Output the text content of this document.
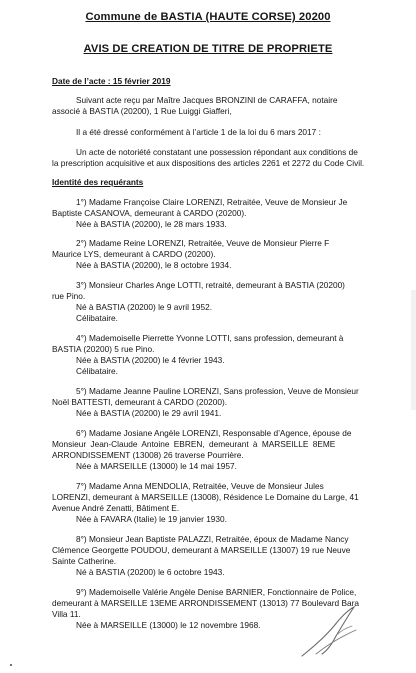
Commune de BASTIA (HAUTE CORSE) 20200
AVIS DE CREATION DE TITRE DE PROPRIETE
Date de l’acte : 15 février 2019
Suivant acte reçu par Maître Jacques BRONZINI de CARAFFA, notaire
associé à BASTIA (20200), 1 Rue Luiggi Giafferi,
Il a été dressé conformément à l’article 1 de la loi du 6 mars 2017 :
Un acte de notoriété constatant une possession répondant aux conditions de
la prescription acquisitive et aux dispositions des articles 2261 et 2272 du Code Civil.
Identité des requérants
1°) Madame Françoise Claire LORENZI, Retraitée, Veuve de Monsieur Je
Baptiste CASANOVA, demeurant à CARDO (20200).
Née à BASTIA (20200), le 28 mars 1933.
2°) Madame Reine LORENZI, Retraitée, Veuve de Monsieur Pierre F
Maurice LYS, demeurant à CARDO (20200).
Née à BASTIA (20200), le 8 octobre 1934.
3°) Monsieur Charles Ange LOTTI, retraité, demeurant à BASTIA (20200)
rue Pino.
Né à BASTIA (20200) le 9 avril 1952.
Célibataire.
4°) Mademoiselle Pierrette Yvonne LOTTI, sans profession, demeurant à
BASTIA (20200) 5 rue Pino.
Née à BASTIA (20200) le 4 février 1943.
Célibataire.
5°) Madame Jeanne Pauline LORENZI, Sans profession, Veuve de Monsieur
Noël BATTESTI, demeurant à CARDO (20200).
Née à BASTIA (20200) le 29 avril 1941.
6°) Madame Josiane Angèle LORENZI, Responsable d’Agence, épouse de
Monsieur Jean-Claude Antoine EBREN, demeurant à MARSEILLE 8EME
ARRONDISSEMENT (13008) 26 traverse Pourrière.
Née à MARSEILLE (13000) le 14 mai 1957.
7°) Madame Anna MENDOLIA, Retraitée, Veuve de Monsieur Jules
LORENZI, demeurant à MARSEILLE (13008), Résidence Le Domaine du Large, 41
Avenue André Zenatti, Bâtiment E.
Née à FAVARA (Italie) le 19 janvier 1930.
8°) Monsieur Jean Baptiste PALAZZI, Retraitée, époux de Madame Nancy
Clémence Georgette POUDOU, demeurant à MARSEILLE (13007) 19 rue Neuve
Sainte Catherine.
Né à BASTIA (20200) le 6 octobre 1943.
9°) Mademoiselle Valérie Angèle Denise BARNIER, Fonctionnaire de Police,
demeurant à MARSEILLE 13EME ARRONDISSEMENT (13013) 77 Boulevard Bara
Villa 11.
Née à MARSEILLE (13000) le 12 novembre 1968.
